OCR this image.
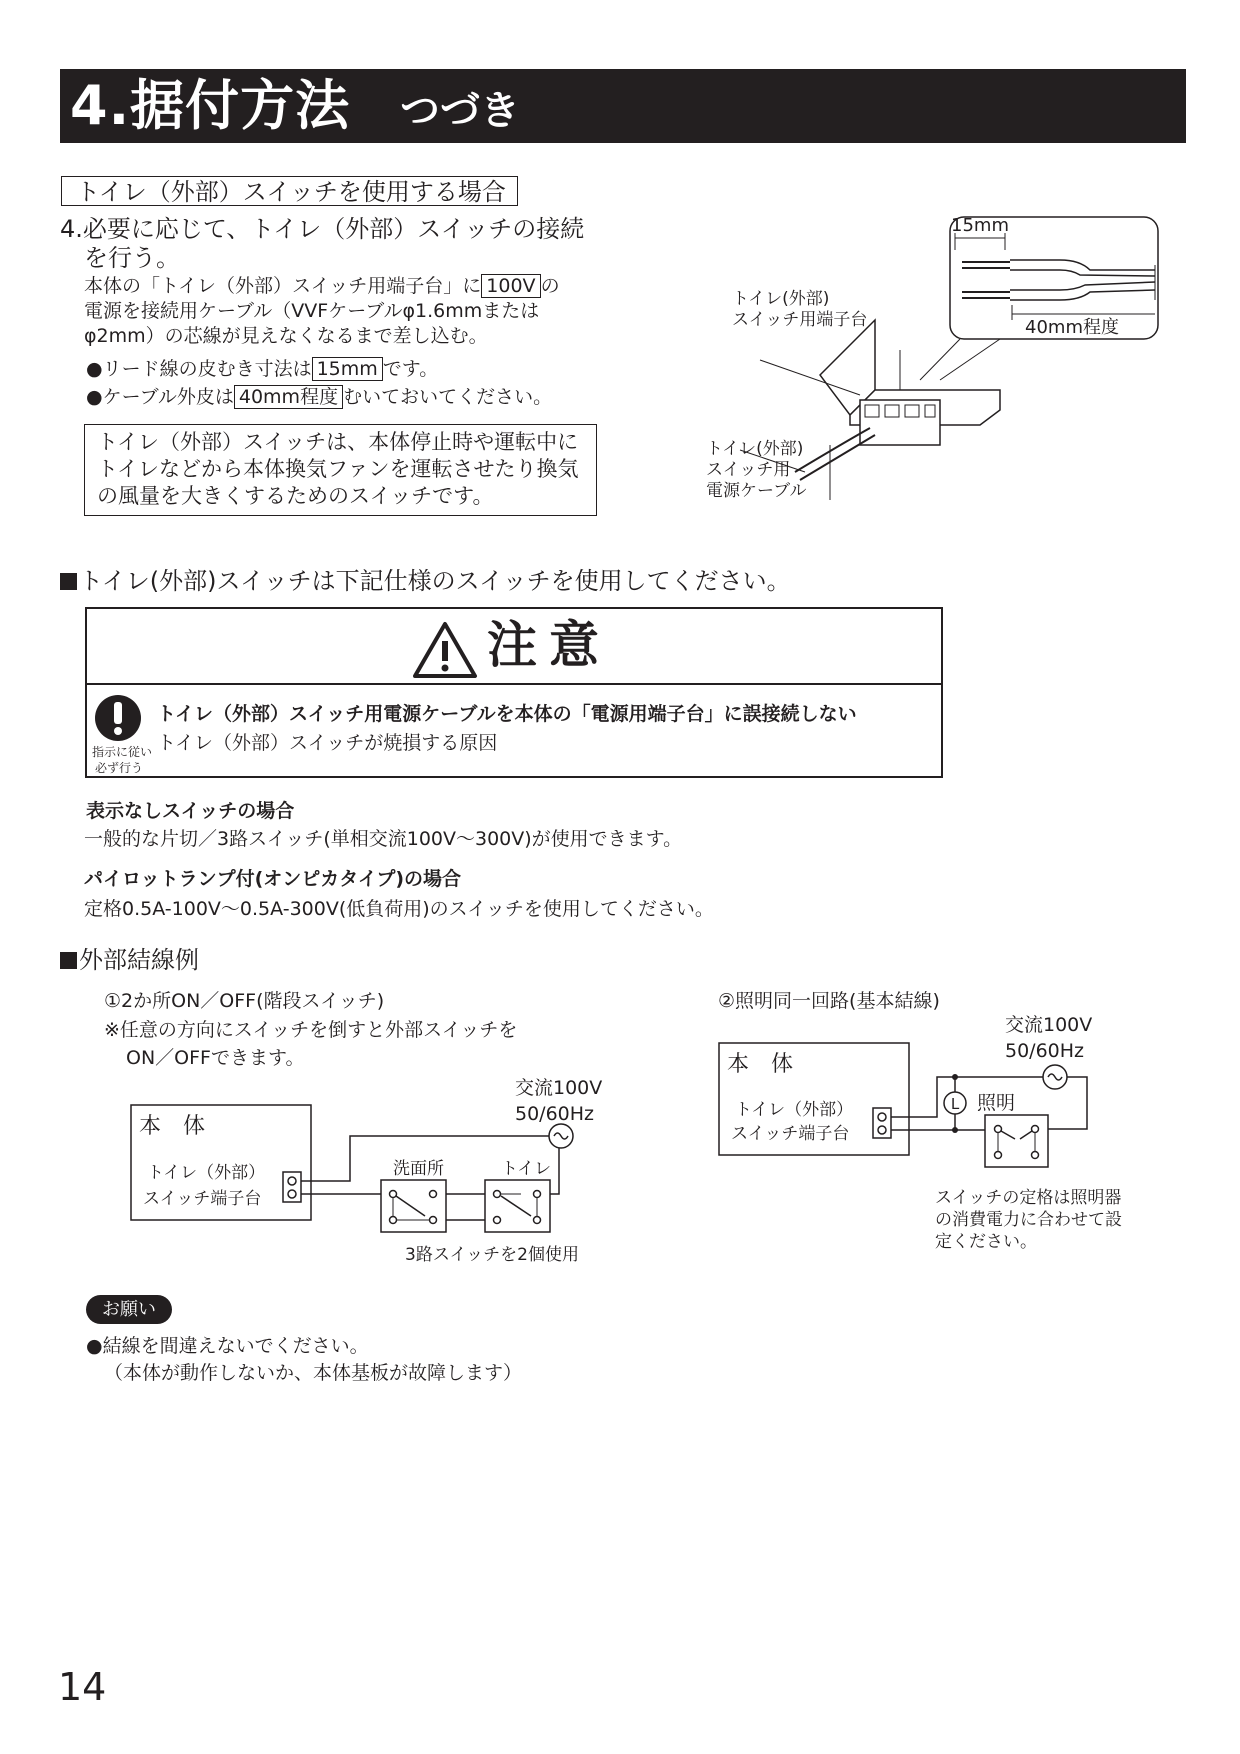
4.据付方法 つづき
トイレ（外部）スイッチを使用する場合
4.必要に応じて、トイレ（外部）スイッチの接続
を行う。
本体の「トイレ（外部）スイッチ用端子台」に 100V の
電源を接続用ケーブル（VVFケーブルφ1.6mmまたは
φ2mm）の芯線が見えなくなるまで差し込む。
●リード線の皮むき寸法は 15mm です。
●ケーブル外皮は 40mm程度 むいておいてください。
トイレ（外部）スイッチは、本体停止時や運転中に
トイレなどから本体換気ファンを運転させたり換気
の風量を大きくするためのスイッチです。
15mm
40mm程度
トイレ(外部)
スイッチ用端子台
トイレ(外部)
スイッチ用
電源ケーブル
トイレ(外部)スイッチは下記仕様のスイッチを使用してください。
注意
指示に従い
必ず行う
トイレ（外部）スイッチ用電源ケーブルを本体の「電源用端子台」に誤接続しない
トイレ（外部）スイッチが焼損する原因
表示なしスイッチの場合
一般的な片切／3路スイッチ(単相交流100V～300V)が使用できます。
パイロットランプ付(オンピカタイプ)の場合
定格0.5A-100V～0.5A-300V(低負荷用)のスイッチを使用してください。
外部結線例
①2か所ON／OFF(階段スイッチ)
※任意の方向にスイッチを倒すと外部スイッチを
ON／OFFできます。
②照明同一回路(基本結線)
本　体
トイレ（外部）
スイッチ端子台
交流100V
50/60Hz
洗面所	トイレ
3路スイッチを2個使用
本　体
トイレ（外部）
スイッチ端子台
交流100V
50/60Hz
L 照明
スイッチの定格は照明器
の消費電力に合わせて設
定ください。
お願い
●結線を間違えないでください。
（本体が動作しないか、本体基板が故障します）
14
